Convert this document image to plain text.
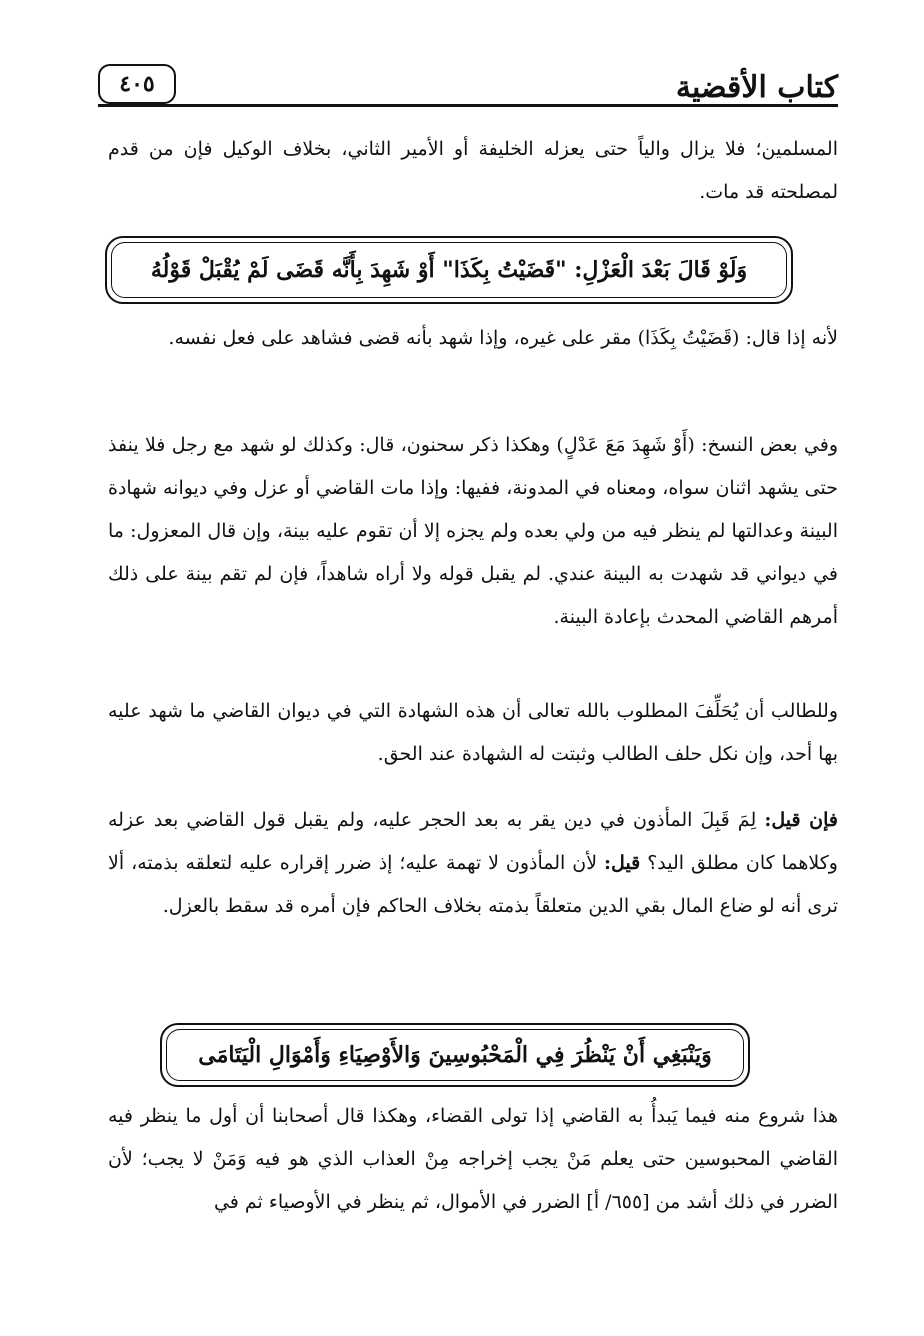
كتاب الأقضية
٤٠٥
المسلمين؛ فلا يزال والياً حتى يعزله الخليفة أو الأمير الثاني، بخلاف الوكيل فإن من قدم لمصلحته قد مات.
وَلَوْ قَالَ بَعْدَ الْعَزْلِ: "قَضَيْتُ بِكَذَا" أَوْ شَهِدَ بِأَنَّه قَضَى لَمْ يُقْبَلْ قَوْلُهُ
لأنه إذا قال: (قَضَيْتُ بِكَذَا) مقر على غيره، وإذا شهد بأنه قضى فشاهد على فعل نفسه.
وفي بعض النسخ: (أَوْ شَهِدَ مَعَ عَدْلٍ) وهكذا ذكر سحنون، قال: وكذلك لو شهد مع رجل فلا ينفذ حتى يشهد اثنان سواه، ومعناه في المدونة، ففيها: وإذا مات القاضي أو عزل وفي ديوانه شهادة البينة وعدالتها لم ينظر فيه من ولي بعده ولم يجزه إلا أن تقوم عليه بينة، وإن قال المعزول: ما في ديواني قد شهدت به البينة عندي. لم يقبل قوله ولا أراه شاهداً، فإن لم تقم بينة على ذلك أمرهم القاضي المحدث بإعادة البينة.
وللطالب أن يُحَلِّفَ المطلوب بالله تعالى أن هذه الشهادة التي في ديوان القاضي ما شهد عليه بها أحد، وإن نكل حلف الطالب وثبتت له الشهادة عند الحق.
فإن قيل: لِمَ قَبِلَ المأذون في دين يقر به بعد الحجر عليه، ولم يقبل قول القاضي بعد عزله وكلاهما كان مطلق اليد؟ قيل: لأن المأذون لا تهمة عليه؛ إذ ضرر إقراره عليه لتعلقه بذمته، ألا ترى أنه لو ضاع المال بقي الدين متعلقاً بذمته بخلاف الحاكم فإن أمره قد سقط بالعزل.
وَيَنْبَغِي أَنْ يَنْظُرَ فِي الْمَحْبُوسِينَ وَالأَوْصِيَاءِ وَأَمْوَالِ الْيَتَامَى
هذا شروع منه فيما يَبدأُ به القاضي إذا تولى القضاء، وهكذا قال أصحابنا أن أول ما ينظر فيه القاضي المحبوسين حتى يعلم مَنْ يجب إخراجه مِنْ العذاب الذي هو فيه وَمَنْ لا يجب؛ لأن الضرر في ذلك أشد من [٦٥٥/ أ] الضرر في الأموال، ثم ينظر في الأوصياء ثم في
